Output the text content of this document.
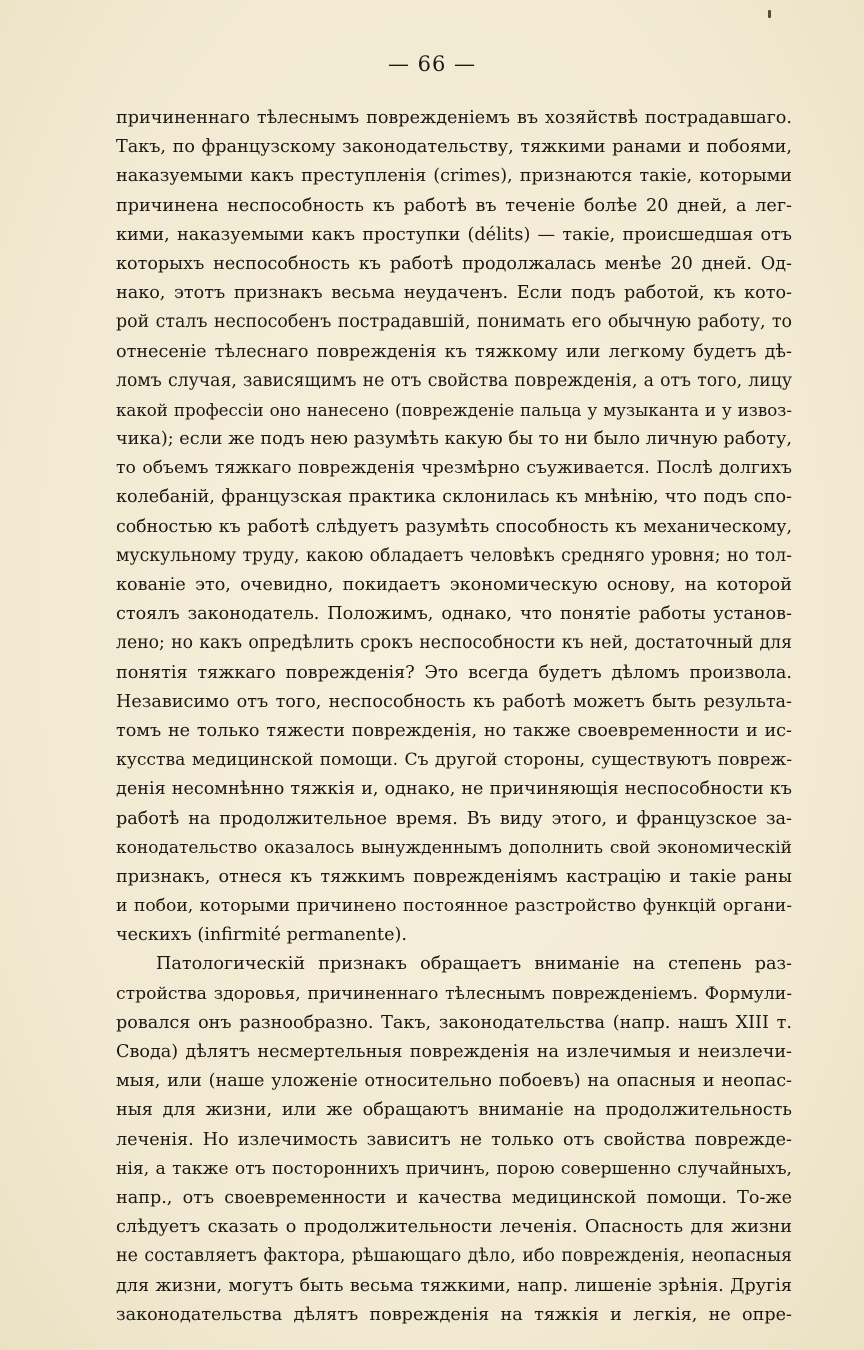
— 66 —
причиненнаго тѣлеснымъ поврежденіемъ въ хозяйствѣ пострадавшаго.
Такъ, по французскому законодательству, тяжкими ранами и побоями,
наказуемыми какъ преступленія (crimes), признаются такіе, которыми
причинена неспособность къ работѣ въ теченіе болѣе 20 дней, а лег-
кими, наказуемыми какъ проступки (délits) — такіе, происшедшая отъ
которыхъ неспособность къ работѣ продолжалась менѣе 20 дней. Од-
нако, этотъ признакъ весьма неудаченъ. Если подъ работой, къ кото-
рой сталъ неспособенъ пострадавшій, понимать его обычную работу, то
отнесеніе тѣлеснаго поврежденія къ тяжкому или легкому будетъ дѣ-
ломъ случая, зависящимъ не отъ свойства поврежденія, а отъ того, лицу
какой профессіи оно нанесено (поврежденіе пальца у музыканта и у извоз-
чика); если же подъ нею разумѣть какую бы то ни было личную работу,
то объемъ тяжкаго поврежденія чрезмѣрно съуживается. Послѣ долгихъ
колебаній, французская практика склонилась къ мнѣнію, что подъ спо-
собностью къ работѣ слѣдуетъ разумѣть способность къ механическому,
мускульному труду, какою обладаетъ человѣкъ средняго уровня; но тол-
кованіе это, очевидно, покидаетъ экономическую основу, на которой
стоялъ законодатель. Положимъ, однако, что понятіе работы установ-
лено; но какъ опредѣлить срокъ неспособности къ ней, достаточный для
понятія тяжкаго поврежденія? Это всегда будетъ дѣломъ произвола.
Независимо отъ того, неспособность къ работѣ можетъ быть результа-
томъ не только тяжести поврежденія, но также своевременности и ис-
кусства медицинской помощи. Съ другой стороны, существуютъ повреж-
денія несомнѣнно тяжкія и, однако, не причиняющія неспособности къ
работѣ на продолжительное время. Въ виду этого, и французское за-
конодательство оказалось вынужденнымъ дополнить свой экономическій
признакъ, отнеся къ тяжкимъ поврежденіямъ кастрацію и такіе раны
и побои, которыми причинено постоянное разстройство функцій органи-
ческихъ (infirmité permanente).
Патологическій признакъ обращаетъ вниманіе на степень раз-
стройства здоровья, причиненнаго тѣлеснымъ поврежденіемъ. Формули-
ровался онъ разнообразно. Такъ, законодательства (напр. нашъ XIII т.
Свода) дѣлятъ несмертельныя поврежденія на излечимыя и неизлечи-
мыя, или (наше уложеніе относительно побоевъ) на опасныя и неопас-
ныя для жизни, или же обращаютъ вниманіе на продолжительность
леченія. Но излечимость зависитъ не только отъ свойства поврежде-
нія, а также отъ постороннихъ причинъ, порою совершенно случайныхъ,
напр., отъ своевременности и качества медицинской помощи. То-же
слѣдуетъ сказать о продолжительности леченія. Опасность для жизни
не составляетъ фактора, рѣшающаго дѣло, ибо поврежденія, неопасныя
для жизни, могутъ быть весьма тяжкими, напр. лишеніе зрѣнія. Другія
законодательства дѣлятъ поврежденія на тяжкія и легкія, не опре-
